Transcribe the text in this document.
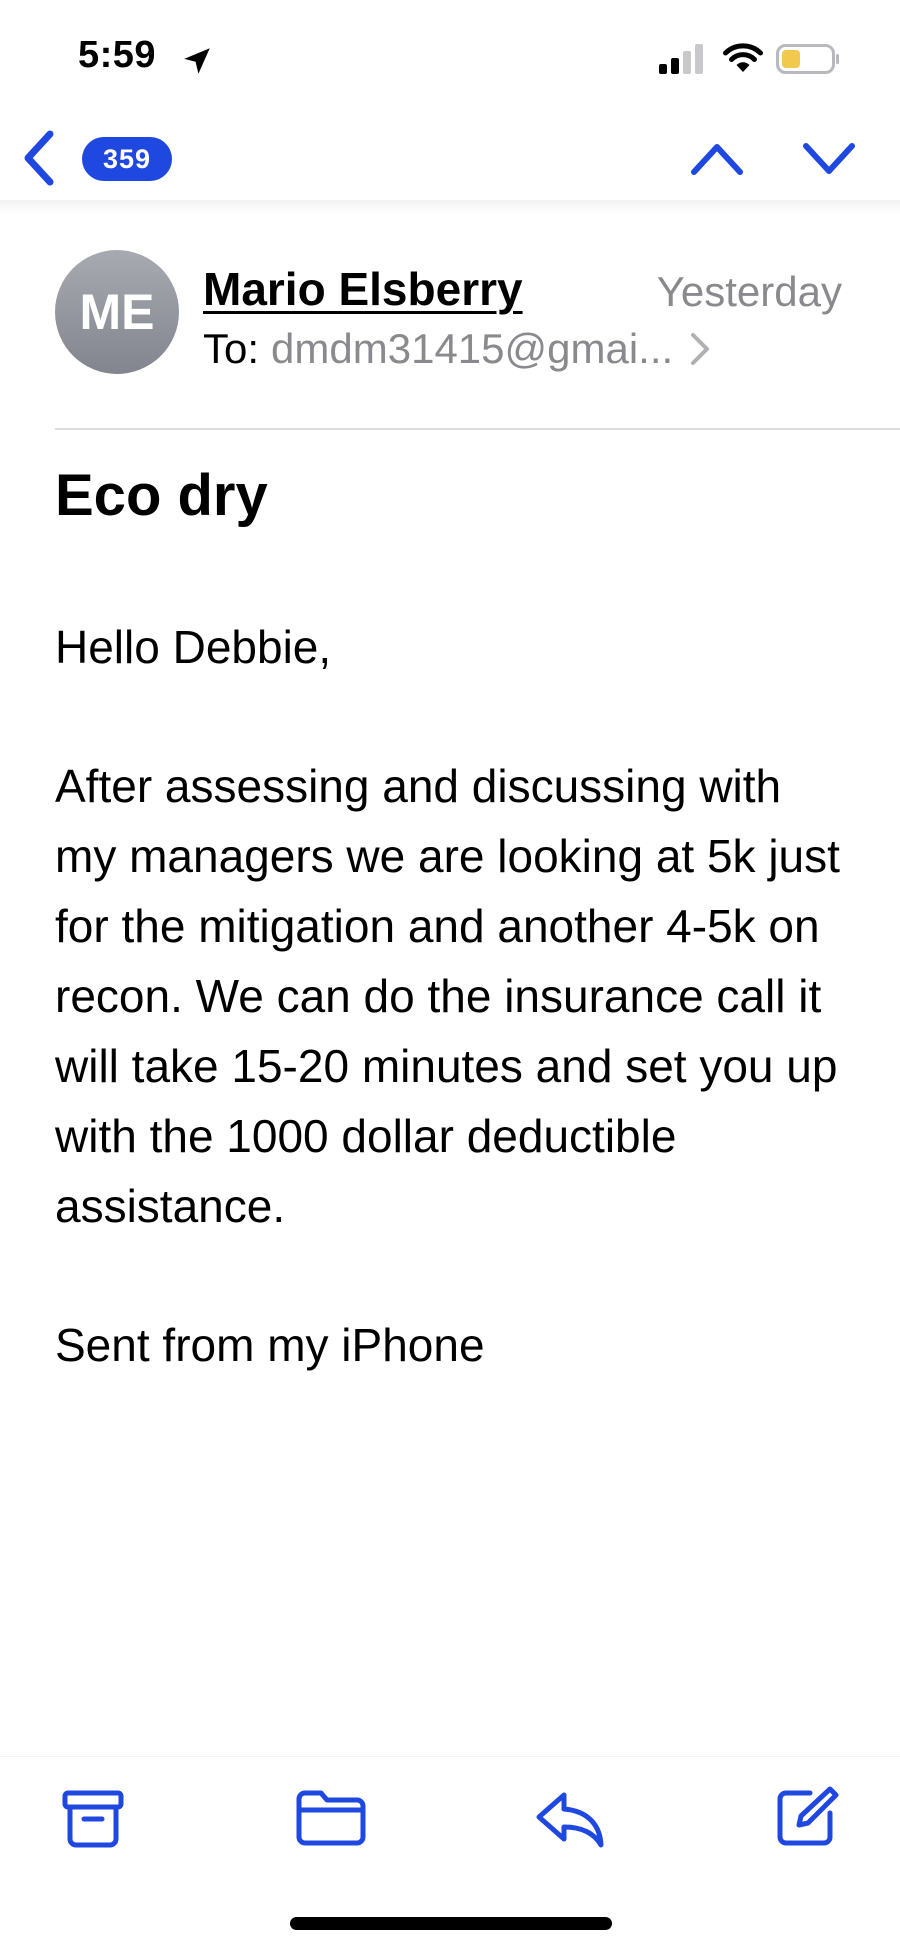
5:59
359
ME	Mario Elsberry	Yesterday
To: dmdm31415@gmai...
Eco dry

Hello Debbie,

After assessing and discussing with my managers we are looking at 5k just for the mitigation and another 4-5k on recon. We can do the insurance call it will take 15-20 minutes and set you up with the 1000 dollar deductible assistance.

Sent from my iPhone
